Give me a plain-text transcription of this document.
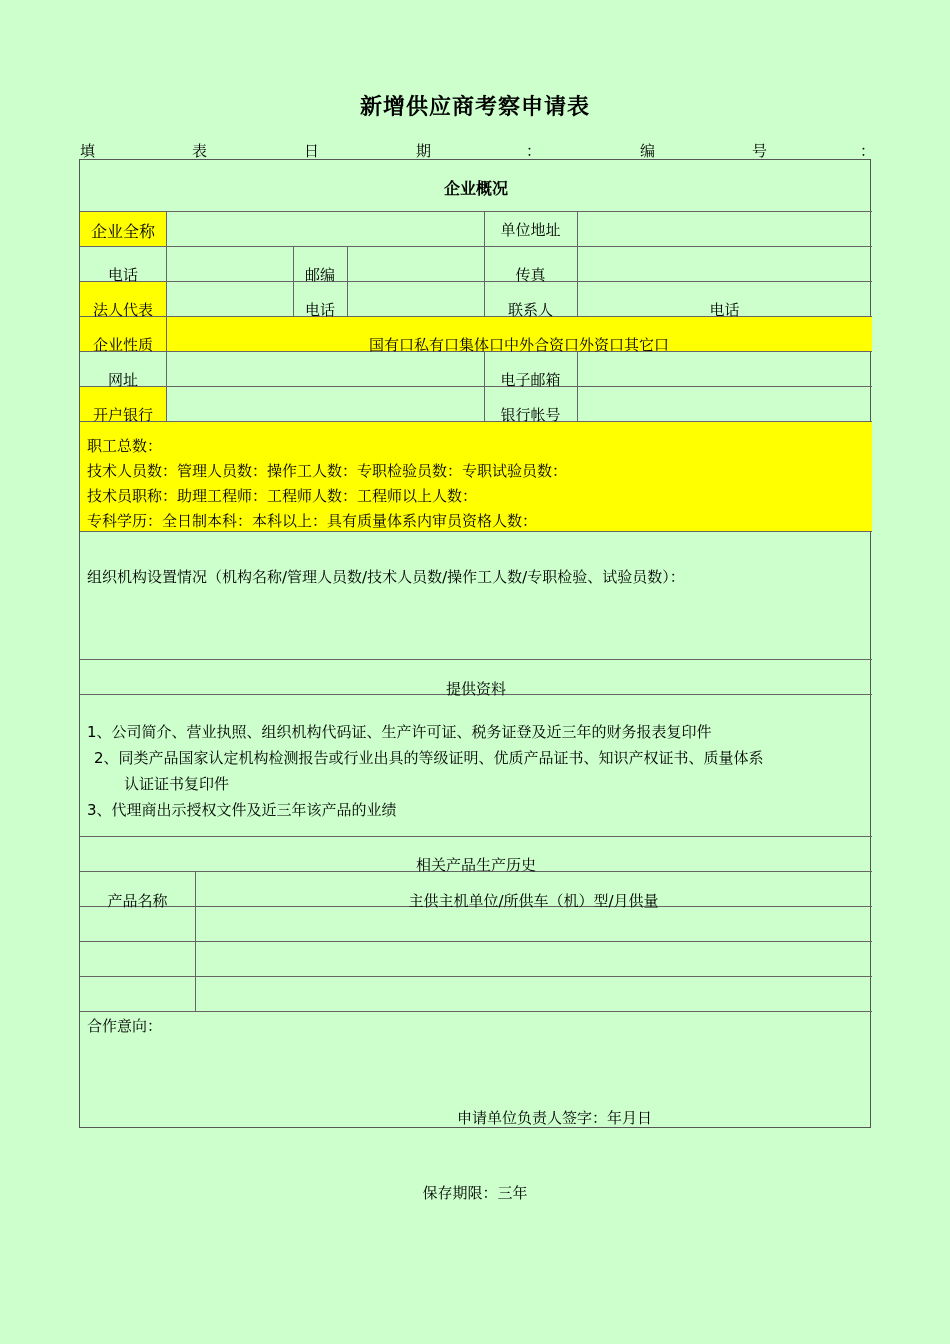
新增供应商考察申请表
填	表	日	期	：	编	号	：
企业概况
企业全称	单位地址
电话	邮编	传真
法人代表	电话	联系人	电话
企业性质	国有口私有口集体口中外合资口外资口其它口
网址	电子邮箱
开户银行	银行帐号
职工总数：
技术人员数：管理人员数：操作工人数：专职检验员数：专职试验员数：
技术员职称：助理工程师：工程师人数：工程师以上人数：
专科学历：全日制本科：本科以上：具有质量体系内审员资格人数：
组织机构设置情况（机构名称/管理人员数/技术人员数/操作工人数/专职检验、试验员数）：
提供资料
1、公司简介、营业执照、组织机构代码证、生产许可证、税务证登及近三年的财务报表复印件
2、同类产品国家认定机构检测报告或行业出具的等级证明、优质产品证书、知识产权证书、质量体系
认证证书复印件
3、代理商出示授权文件及近三年该产品的业绩
相关产品生产历史
产品名称	主供主机单位/所供车（机）型/月供量
合作意向：
申请单位负责人签字：年月日
保存期限：三年
